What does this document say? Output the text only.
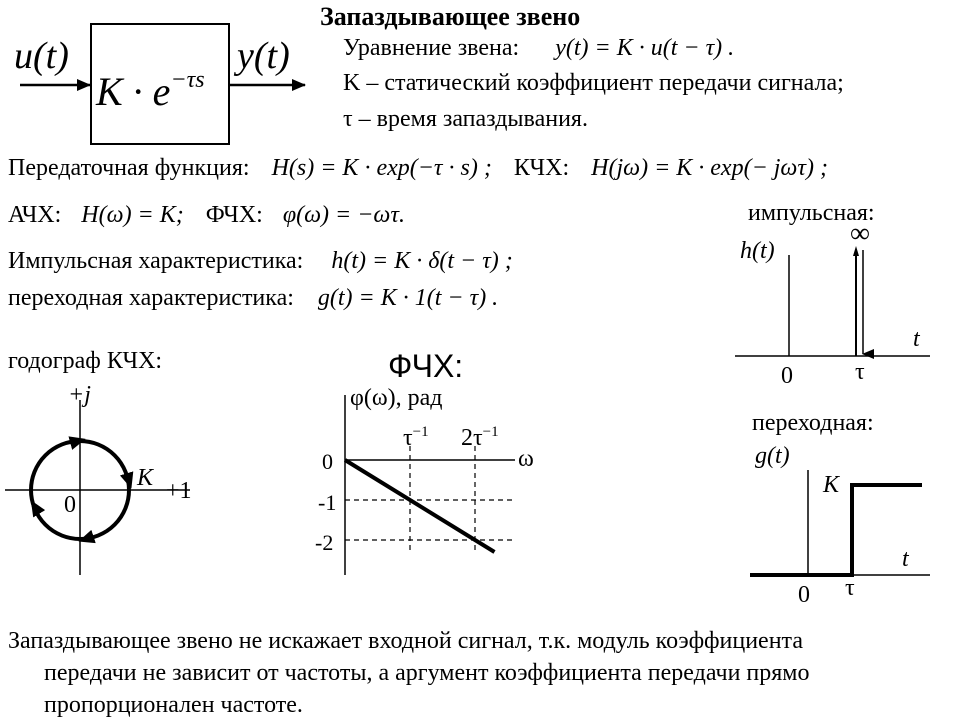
u(t)	y(t)
$K \cdot e^{-\tau s}$
Запаздывающее звено
Уравнение звена: y(t) = K · u(t − τ) .
K – статический коэффициент передачи сигнала;
τ – время запаздывания.
Передаточная функция: H(s) = K · exp(−τ · s) ; КЧХ: H(jω) = K · exp(− jωτ) ;
АЧХ: H(ω) = K; ФЧХ: φ(ω) = −ωτ.
Импульсная характеристика: h(t) = K · δ(t − τ) ;
переходная характеристика: g(t) = K · 1(t − τ) .
годограф КЧХ:
+j
K +1
0
ФЧХ:
φ(ω), рад
$\tau^{-1}$ $2\tau^{-1}$
ω
0
-1
-2
импульсная:
h(t)
∞
t
0	τ
переходная:
g(t)
K
t
0 τ
Запаздывающее звено не искажает входной сигнал, т.к. модуль коэффициента
передачи не зависит от частоты, а аргумент коэффициента передачи прямо
пропорционален частоте.
